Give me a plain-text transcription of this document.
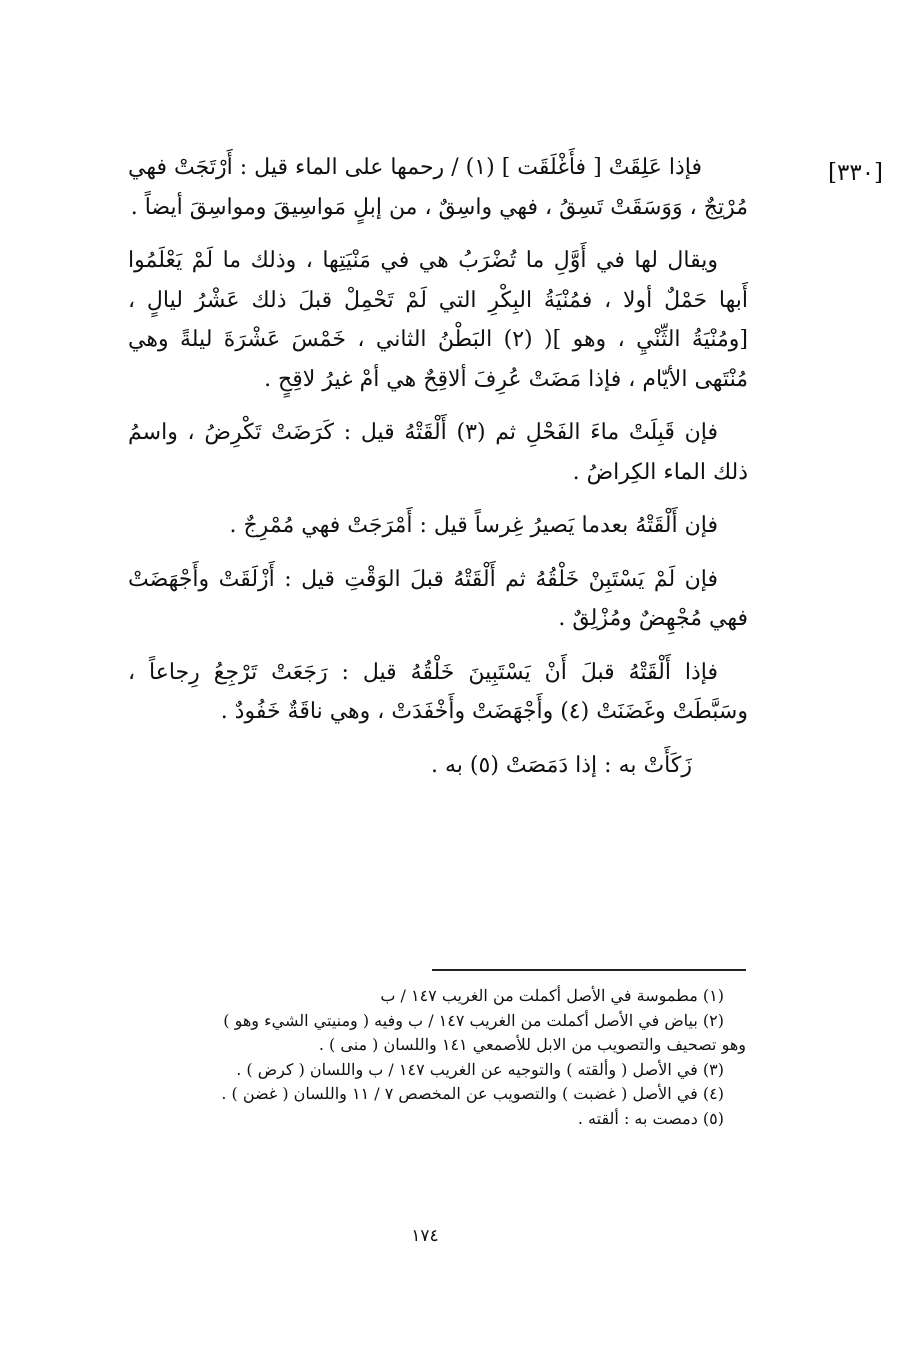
[٣٣٠]

فإذا عَلِقَتْ [ فأَغْلَقَت ] (١) / رحمها على الماء قيل : أَرْتَجَتْ فهي مُرْتِجٌ ، وَوَسَقَتْ تَسِقُ ، فهي واسِقٌ ، من إبلٍ مَواسِيقَ ومواسِقَ أيضاً .

ويقال لها في أَوَّلِ ما تُضْرَبُ هي في مَنْيَتِها ، وذلك ما لَمْ يَعْلَمُوا أَبها حَمْلٌ أولا ، فمُنْيَةُ البِكْرِ التي لَمْ تَحْمِلْ قبلَ ذلك عَشْرُ ليالٍ ، [ومُنْيَةُ الثِّنْيِ ، وهو ]( (٢) البَطْنُ الثاني ، خَمْسَ عَشْرَةَ ليلةً وهي مُنْتَهى الأيّام ، فإذا مَضَتْ عُرِفَ ألاقِحٌ هي أمْ غيرُ لاقِحٍ .

فإن قَبِلَتْ ماءَ الفَحْلِ ثم (٣) أَلْقَتْهُ قيل : كَرَضَتْ تَكْرِضُ ، واسمُ ذلك الماء الكِراضُ .

فإن أَلْقَتْهُ بعدما يَصيرُ غِرساً قيل : أَمْرَجَتْ فهي مُمْرِجٌ .

فإن لَمْ يَسْتَبِنْ خَلْقُهُ ثم أَلْقَتْهُ قبلَ الوَقْتِ قيل : أَزْلَقَتْ وأَجْهَضَتْ فهي مُجْهِضٌ ومُزْلِقٌ .

فإذا أَلْقَتْهُ قبلَ أَنْ يَسْتَبِينَ خَلْقُهُ قيل : رَجَعَتْ تَرْجِعُ رِجاعاً ، وسَبَّطَتْ وغَضَنَتْ (٤) وأَجْهَضَتْ وأَخْفَدَتْ ، وهي ناقَةٌ خَفُودٌ .

زَكَأَتْ به : إذا دَمَصَتْ (٥) به .

(١) مطموسة في الأصل أكملت من الغريب ١٤٧ / ب

(٢) بياض في الأصل أكملت من الغريب ١٤٧ / ب وفيه ( ومنيتي الشيء وهو )

وهو تصحيف والتصويب من الابل للأصمعي ١٤١ واللسان ( منى ) .

(٣) في الأصل ( وألقته ) والتوجيه عن الغريب ١٤٧ / ب واللسان ( كرض ) .

(٤) في الأصل ( غضبت ) والتصويب عن المخصص ٧ / ١١ واللسان ( غضن ) .

(٥) دمصت به : ألقته .

١٧٤
